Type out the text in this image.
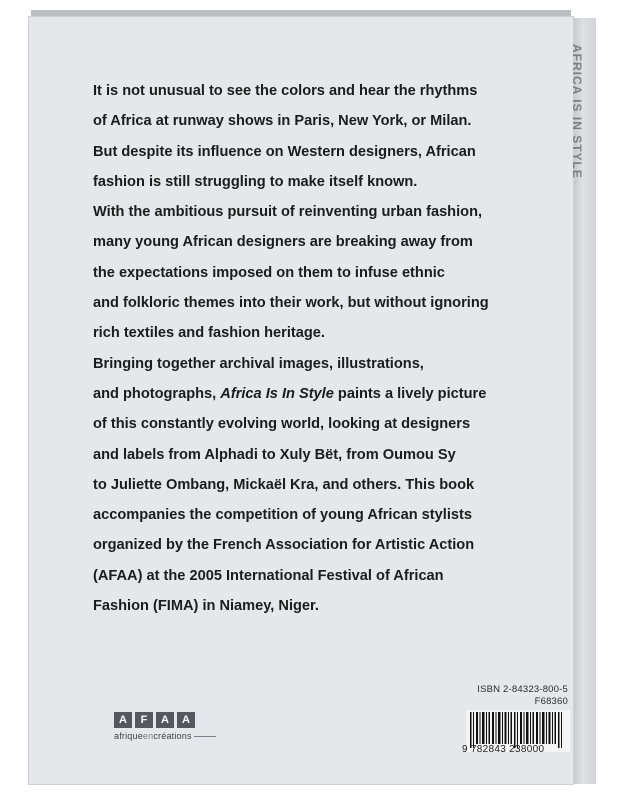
AFRICA IS IN STYLE
It is not unusual to see the colors and hear the rhythms
of Africa at runway shows in Paris, New York, or Milan.
But despite its influence on Western designers, African
fashion is still struggling to make itself known.
With the ambitious pursuit of reinventing urban fashion,
many young African designers are breaking away from
the expectations imposed on them to infuse ethnic
and folkloric themes into their work, but without ignoring
rich textiles and fashion heritage.
Bringing together archival images, illustrations,
and photographs, Africa Is In Style paints a lively picture
of this constantly evolving world, looking at designers
and labels from Alphadi to Xuly Bët, from Oumou Sy
to Juliette Ombang, Mickaël Kra, and others. This book
accompanies the competition of young African stylists
organized by the French Association for Artistic Action
(AFAA) at the 2005 International Festival of African
Fashion (FIMA) in Niamey, Niger.
A	F	A	A
afriqueencréations
ISBN 2-84323-800-5
F68360
9 782843 238000
